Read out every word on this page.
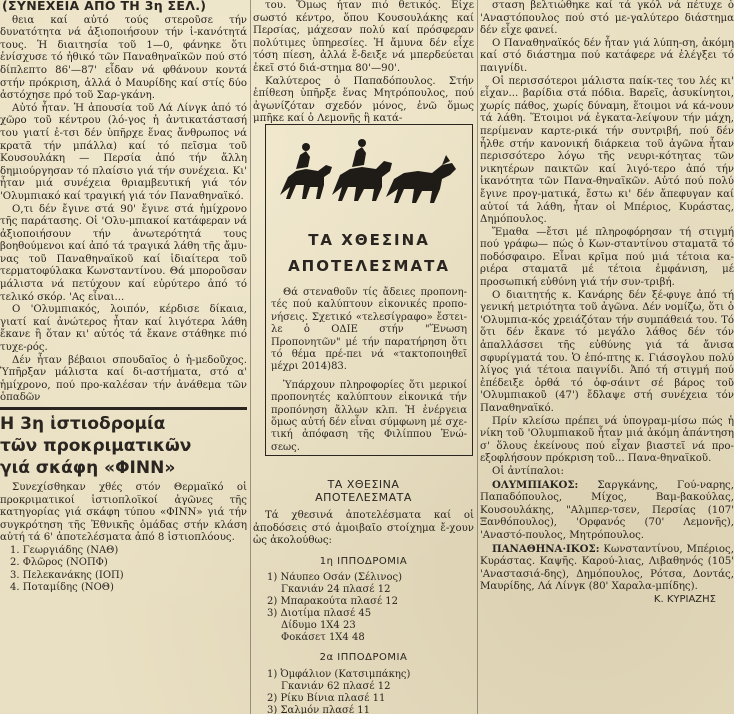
(ΣΥΝΕΧΕΙΑ ΑΠΟ ΤΗ 3η ΣΕΛ.)

θεια καί αὐτό τούς στεροῦσε τήν δυνατότητα νά ἀξιοποιήσουν τήν ἰ-κανότητά τους. Ἡ διαιτησία τοῦ 1—0, φάνηκε ὅτι ἐνίσχυσε τό ἠθικό τῶν Παναθηναϊκῶν πού στό δίπλεπτο 86'—87' εἶδαν νά φθάνουν κοντά στήν πρόκριση, ἀλλά ὁ Μαυρίδης καί στίς δύο ἀστόχησε πρό τοῦ Σαρ-γκάνη.

Αὐτό ἦταν. Ἡ ἀπουσία τοῦ Λά Λίνγκ ἀπό τό χῶρο τοῦ κέντρου (λό-γος ἡ ἀντικατάστασή του γιατί ἐ-τσι δέν ὑπῆρχε ἕνας ἄνθρωπος νά κρατᾶ τήν μπάλλα) καί τό πεῖσμα τοῦ Κουσουλάκη — Περσία ἀπό τήν ἄλλη δημιούργησαν τό πλαίσιο γιά τήν συνέχεια. Κι' ἦταν μιά συνέχεια θριαμβευτική γιά τόν 'Ολυμπιακό καί τραγική γιά τόν Παναθηναϊκό.

Ο,τι δέν ἔγινε στά 90' ἔγινε στά ἡμίχρονο τῆς παράτασης. Οἱ 'Ολυ-μπιακοί κατάφεραν νά ἀξιοποιήσουν τήν ἀνωτερότητά τους βοηθούμενοι καί ἀπό τά τραγικά λάθη τῆς ἄμυ-νας τοῦ Παναθηναϊκοῦ καί ἰδιαίτερα τοῦ τερματοφύλακα Κωνσταντίνου. Θά μποροῦσαν μάλιστα νά πετύχουν καί εὐρύτερο ἀπό τό τελικό σκόρ. 'Ας εἶναι...

Ο 'Ολυμπιακός, λοιπόν, κέρδισε δίκαια, γιατί καί ἀνώτερος ἦταν καί λιγότερα λάθη ἔκανε ἢ ὅταν κι' αὐτός τά ἔκανε στάθηκε πιό τυχε-ρός.

Δέν ἦταν βέβαιοι σπουδαῖος ὁ ἡ-μεδοῦχος. Ὑπῆρξαν μάλιστα καί δι-αστήματα, στό α' ἡμίχρονο, πού προ-καλέσαν τήν ἀνάθεμα τῶν ὁπαδῶν

Η 3η ἱστιοδρομία
τῶν προκριματικῶν
γιά σκάφη «ΦΙΝΝ»

Συνεχίσθηκαν χθές στόν Θερμαϊκό οἱ προκριματικοί ἱστιοπλοϊκοί ἀγῶνες τῆς κατηγορίας γιά σκάφη τύπου «ΦΙΝΝ» γιά τήν συγκρότηση τῆς Ἐθνικῆς ὁμάδας στήν κλάση αὐτή τά 6' ἀποτελέσματα ἀπό 8 ἱστιοπλόους.

1. Γεωργιάδης (ΝΑΘ)
2. Φλῶρος (ΝΟΠΦ)
3. Πελεκανάκης (ΙΟΠ)
4. Ποταμίδης (ΝΟΘ)

του. Ὅμως ἦταν πιό θετικός. Εἶχε σωστό κέντρο, ὅπου Κουσουλάκης καί Περσίας, μάχεσαν πολύ καί πρόσφεραν πολύτιμες ὑπηρεσίες. Ἡ ἄμυνα δέν εἶχε τόση πίεση, ἀλλά ἔ-δειξε νά μπερδεύεται ἐκεῖ στό διά-στημα 80'—90'.

Καλύτερος ὁ Παπαδόπουλος. Στήν ἐπίθεση ὑπῆρξε ἕνας Μητρόπουλος, πού ἀγωνίζόταν σχεδόν μόνος, ἐνῶ ὅμως μπῆκε καί ὁ Λεμονῆς ἢ κατά-

ΤΑ ΧΘΕΣΙΝΑ
ΑΠΟΤΕΛΕΣΜΑΤΑ

Τά χθεσινά ἀποτελέσματα καί οἱ ἀποδόσεις στό ἀμοιβαῖο στοίχημα ἔ-χουν ὡς ἀκολούθως:

1η ΙΠΠΟΔΡΟΜΙΑ
1) Νάυπεο Οσάν (Σέλινος)
Γκανιάν 24 πλασέ 12
2) Μπαρακούτα πλασέ 12
3) Διοτίμα πλασέ 45
Δίδυμο 1Χ4 23
Φοκάσετ 1Χ4 48
2α ΙΠΠΟΔΡΟΜΙΑ
1) Ὀμφάλιον (Κατσιμπάκης)
Γκανιάν 62 πλασέ 12
2) Ρίκυ Βίνια πλασέ 11
3) Σαλμόν πλασέ 11
ΤΑ ΧΘΕΣΙΝΑ
ΑΠΟΤΕΛΕΣΜΑΤΑ

Θά στεναθοῦν τίς ἄδειες προπονη-τές πού καλύπτουν εἰκονικές προπο-νήσεις. Σχετικό «τελεσίγραφο» ἔστει-λε ὁ ΟΔΙΕ στήν "Ἕνωση Προπονητῶν" μέ τήν παρατήρηση ὅτι τό θέμα πρέ-πει νά «τακτοποιηθεῖ μέχρι 2014)83.

Ὑπάρχουν πληροφορίες ὅτι μερικοί προπονητές καλύπτουν εἰκονικά τήν προπόνηση ἄλλων κλπ. Ἡ ἐνέργεια ὅμως αὐτή δέν εἶναι σύμφωνη μέ σχε-τική ἀπόφαση τῆς Φιλίππου Ἑνώ-σεως.

σταση βελτιώθηκε καί τά γκόλ νά πέτυχε ὁ 'Αναστόπουλος πού στό με-γαλύτερο διάστημα δέν εἶχε φανεί.

Ο Παναθηναϊκός δέν ἦταν γιά λύπη-ση, ἀκόμη καί στό διάστημα πού κατάφερε νά ἐλέγξει τό παιγνίδι.

Οἱ περισσότεροι μάλιστα παίκ-τες του λές κι' εἶχαν... βαρίδια στά πόδια. Βαρεῖς, ἀσυκίνητοι, χωρίς πάθος, χωρίς δύναμη, ἕτοιμοι νά κά-νουν τά λάθη. Ἕτοιμοι νά ἐγκατα-λείψουν τήν μάχη, περίμεναν καρτε-ρικά τήν συντριβή, πού δέν ἦλθε στήν κανονική διάρκεια τοῦ ἀγῶνα ἦταν περισσότερο λόγω τῆς νευρι-κότητας τῶν νικητέρων παικτῶν καί λιγό-τερο ἀπό τήν ἱκανότητα τῶν Πανα-θηναϊκῶν. Αὐτό πού πολύ ἔγινε προγ-ματικά, ἔστω κι' δέν ἄπεφυγαν καί αὐτοί τά λάθη, ἦταν οἱ Μπέριος, Κυράστας, Δημόπουλος.

Ἔμαθα —ἔτσι μέ πληροφόρησαν τή στιγμή πού γράφω— πώς ὁ Κων-σταντίνου σταματᾶ τό ποδόσφαιρο. Εἶναι κρῖμα πού μιά τέτοια κα-ριέρα σταματᾶ μέ τέτοια ἐμφάνιση, μέ προσωπική εὐθύνη γιά τήν συν-τριβή.

Ο διαιτητής κ. Κανάρης δέν ξέ-φυγε ἀπό τή γενική μετριότητα τοῦ ἀγῶνα. Δέν νομίζω, ὅτι ὁ 'Ολυμπια-κός χρειάζόταν τήν συμπάθειά του. Τό ὅτι δέν ἔκανε τό μεγάλο λάθος δέν τόν ἀπαλλάσσει τῆς εὐθύνης γιά τά ἄνισα σφυρίγματά του. Ὁ ἐπό-πτης κ. Γιάσογλου πολύ λίγος γιά τέτοια παιγνίδι. Ἀπό τή στιγμή πού ἐπέδειξε ὀρθά τό ὀφ-σάιντ σέ βάρος τοῦ 'Ολυμπιακοῦ (47') ἔδλαψε στή συνέχεια τόν Παναθηναϊκό.

Πρίν κλείσω πρέπει νά ὑπογραμ-μίσω πώς ἡ νίκη τοῦ 'Ολυμπιακοῦ ἦταν μιά ἀκόμη ἀπάντηση σ' ὅλους ἐκείνους πού εἶχαν βιαστεῖ νά προ-εξοφλήσουν πρόκριση τοῦ... Πανα-θηναϊκοῦ.

Οἱ ἀντίπαλοι:

ΟΛΥΜΠΙΑΚΟΣ: Σαργκάνης, Γού-ναρης, Παπαδόπουλος, Μίχος, Βαμ-βακούλας, Κουσουλάκης, "Αλμπερ-τσεν, Περσίας (107' Ξανθόπουλος), 'Ορφανός (70' Λεμονῆς), 'Αναστό-πουλος, Μητρόπουλος.

ΠΑΝΑΘΗΝΑ·ΙΚΟΣ: Κωνσταντίνου, Μπέριος, Κυράστας. Καψῆς. Καρού-λιας, Λιβαθηνός (105' 'Αναστασιά-δης), Δημόπουλος, Ρότσα, Δοντάς, Μαυρίδης, Λά Λίνγκ (80' Χαραλα-μπίδης).

Κ. ΚΥΡΙΑΖΗΣ
